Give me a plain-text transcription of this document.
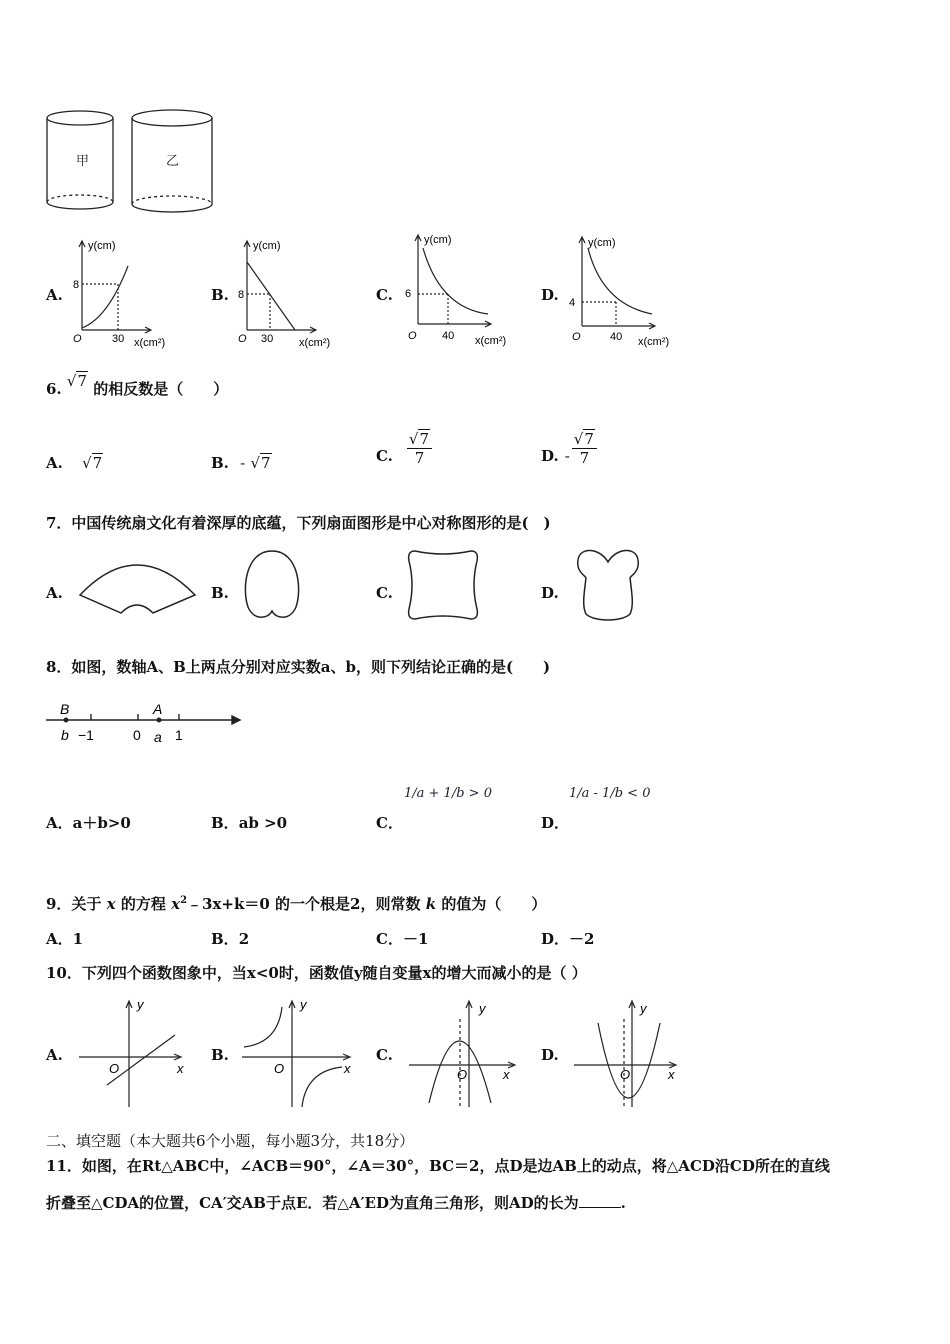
甲	乙
A.	B.	C.	D.
y(cm)
8
O	30 x(cm²)
y(cm)
8
O 30 x(cm²)
y(cm)
6
O 40 x(cm²)
y(cm)
4
O	40 x(cm²)
6. √7 的相反数是（　　）
A. √7	B. - √7	C. $\frac{√7}{7}$	D. - $\frac{√7}{7}$
7．中国传统扇文化有着深厚的底蕴，下列扇面图形是中心对称图形的是(　)
A.	B.	C.	D.
8．如图，数轴A、B上两点分别对应实数a、b，则下列结论正确的是(　　)
B	A
b −1	0 a 1
A．a＋b>0	B．ab >0	C．
1/a + 1/b > 0
D．
1/a - 1/b < 0
9．关于 x 的方程 $x^2﹣3x+k=0$ 的一个根是2，则常数 k 的值为（　　）
A．1	B．2	C．－1	D．－2
10．下列四个函数图象中，当x<0时，函数值y随自变量x的增大而减小的是（ ）
A.
y
x
O
B.
y
x
O
C.
y
x
O
D.
y
x
O
二、填空题（本大题共6个小题，每小题3分，共18分）
11．如图，在Rt△ABC中，∠ACB＝90°，∠A＝30°，BC＝2，点D是边AB上的动点，将△ACD沿CD所在的直线
折叠至△CDA的位置，CA′交AB于点E．若△A′ED为直角三角形，则AD的长为	.
